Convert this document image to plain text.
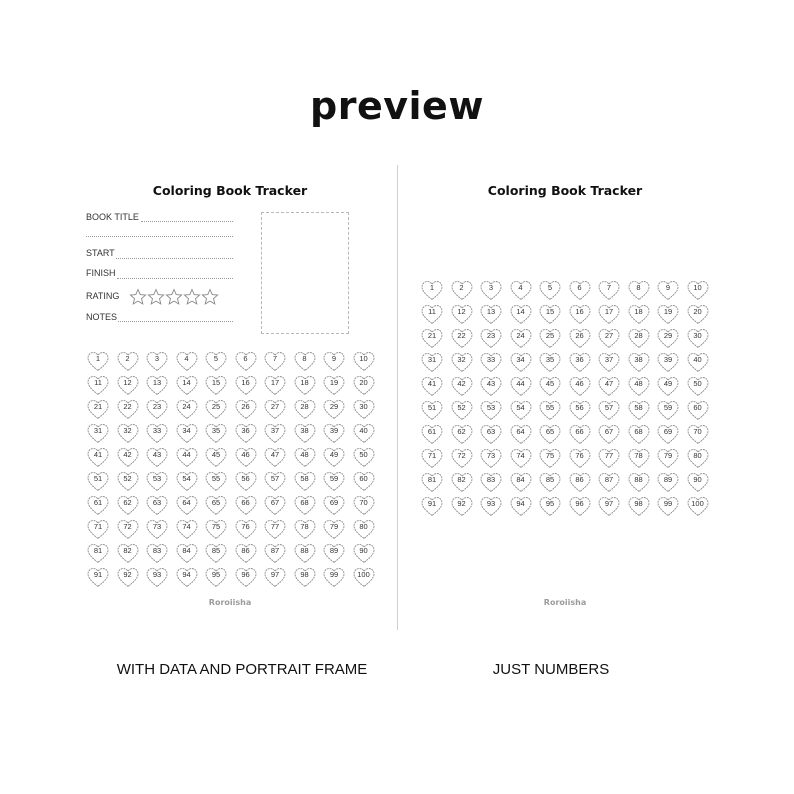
preview
Coloring Book Tracker
BOOK TITLE
START
FINISH
RATING
NOTES
1	2	3	4	5	6	7	8	9	10
11	12	13	14	15	16	17	18	19	20
21	22	23	24	25	26	27	28	29	30
31	32	33	34	35	36	37	38	39	40
41	42	43	44	45	46	47	48	49	50
51	52	53	54	55	56	57	58	59	60
61	62	63	64	65	66	67	68	69	70
71	72	73	74	75	76	77	78	79	80
81	82	83	84	85	86	87	88	89	90
91	92	93	94	95	96	97	98	99	100
Roroiisha
Coloring Book Tracker
1	2	3	4	5	6	7	8	9	10
11	12	13	14	15	16	17	18	19	20
21	22	23	24	25	26	27	28	29	30
31	32	33	34	35	36	37	38	39	40
41	42	43	44	45	46	47	48	49	50
51	52	53	54	55	56	57	58	59	60
61	62	63	64	65	66	67	68	69	70
71	72	73	74	75	76	77	78	79	80
81	82	83	84	85	86	87	88	89	90
91	92	93	94	95	96	97	98	99	100
Roroiisha
WITH DATA AND PORTRAIT FRAME	JUST NUMBERS
